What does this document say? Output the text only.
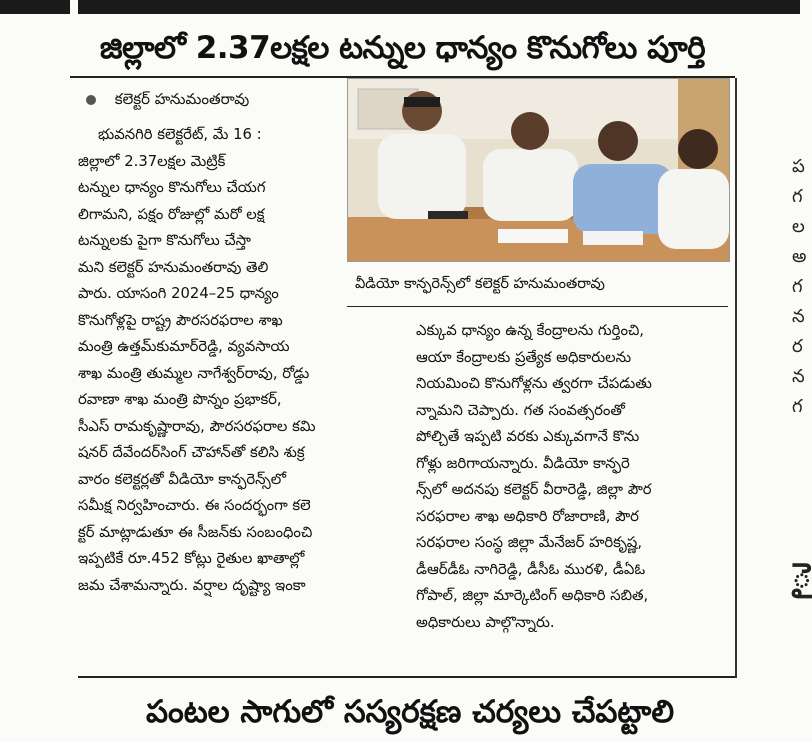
జిల్లాలో 2.37లక్షల టన్నుల ధాన్యం కొనుగోలు పూర్తి
కలెక్టర్ హనుమంతరావు
భువనగిరి కలెక్టరేట్, మే 16 :
జిల్లాలో 2.37లక్షల మెట్రిక్
టన్నుల ధాన్యం కొనుగోలు చేయగ
లిగామని, పక్షం రోజుల్లో మరో లక్ష
టన్నులకు పైగా కొనుగోలు చేస్తా
మని కలెక్టర్ హనుమంతరావు తెలి
పారు. యాసంగి 2024–25 ధాన్యం
కొనుగోళ్లపై రాష్ట్ర పౌరసరఫరాల శాఖ
మంత్రి ఉత్తమ్‌కుమార్‌రెడ్డి, వ్యవసాయ
శాఖ మంత్రి తుమ్మల నాగేశ్వర్‌రావు, రోడ్డు
రవాణా శాఖ మంత్రి పొన్నం ప్రభాకర్,
సీఎస్ రామకృష్ణారావు, పౌరసరఫరాల కమి
షనర్ దేవేందర్‌సింగ్ చౌహాన్‌తో కలిసి శుక్ర
వారం కలెక్టర్లతో వీడియో కాన్ఫరెన్స్‌లో
సమీక్ష నిర్వహించారు. ఈ సందర్భంగా కలె
క్టర్ మాట్లాడుతూ ఈ సీజన్‌కు సంబంధించి
ఇప్పటికే రూ.452 కోట్లు రైతుల ఖాతాల్లో
జమ చేశామన్నారు. వర్షాల దృష్ట్యా ఇంకా
వీడియో కాన్ఫరెన్స్‌లో కలెక్టర్ హనుమంతరావు
ఎక్కువ ధాన్యం ఉన్న కేంద్రాలను గుర్తించి,
ఆయా కేంద్రాలకు ప్రత్యేక అధికారులను
నియమించి కొనుగోళ్లను త్వరగా చేపడుతు
న్నామని చెప్పారు. గత సంవత్సరంతో
పోల్చితే ఇప్పటి వరకు ఎక్కువగానే కొను
గోళ్లు జరిగాయన్నారు. వీడియో కాన్ఫరె
న్స్‌లో అదనపు కలెక్టర్ వీరారెడ్డి, జిల్లా పౌర
సరఫరాల శాఖ అధికారి రోజారాణి, పౌర
సరఫరాల సంస్థ జిల్లా మేనేజర్ హరికృష్ణ,
డీఆర్‌డీఓ నాగిరెడ్డి, డీసీఓ మురళి, డీఏఓ
గోపాల్, జిల్లా మార్కెటింగ్ అధికారి సబిత,
అధికారులు పాల్గొన్నారు.
ప
గ
ల
అ
గ
న
ర
న
గ
ై
పంటల సాగులో సస్యరక్షణ చర్యలు చేపట్టాలి
